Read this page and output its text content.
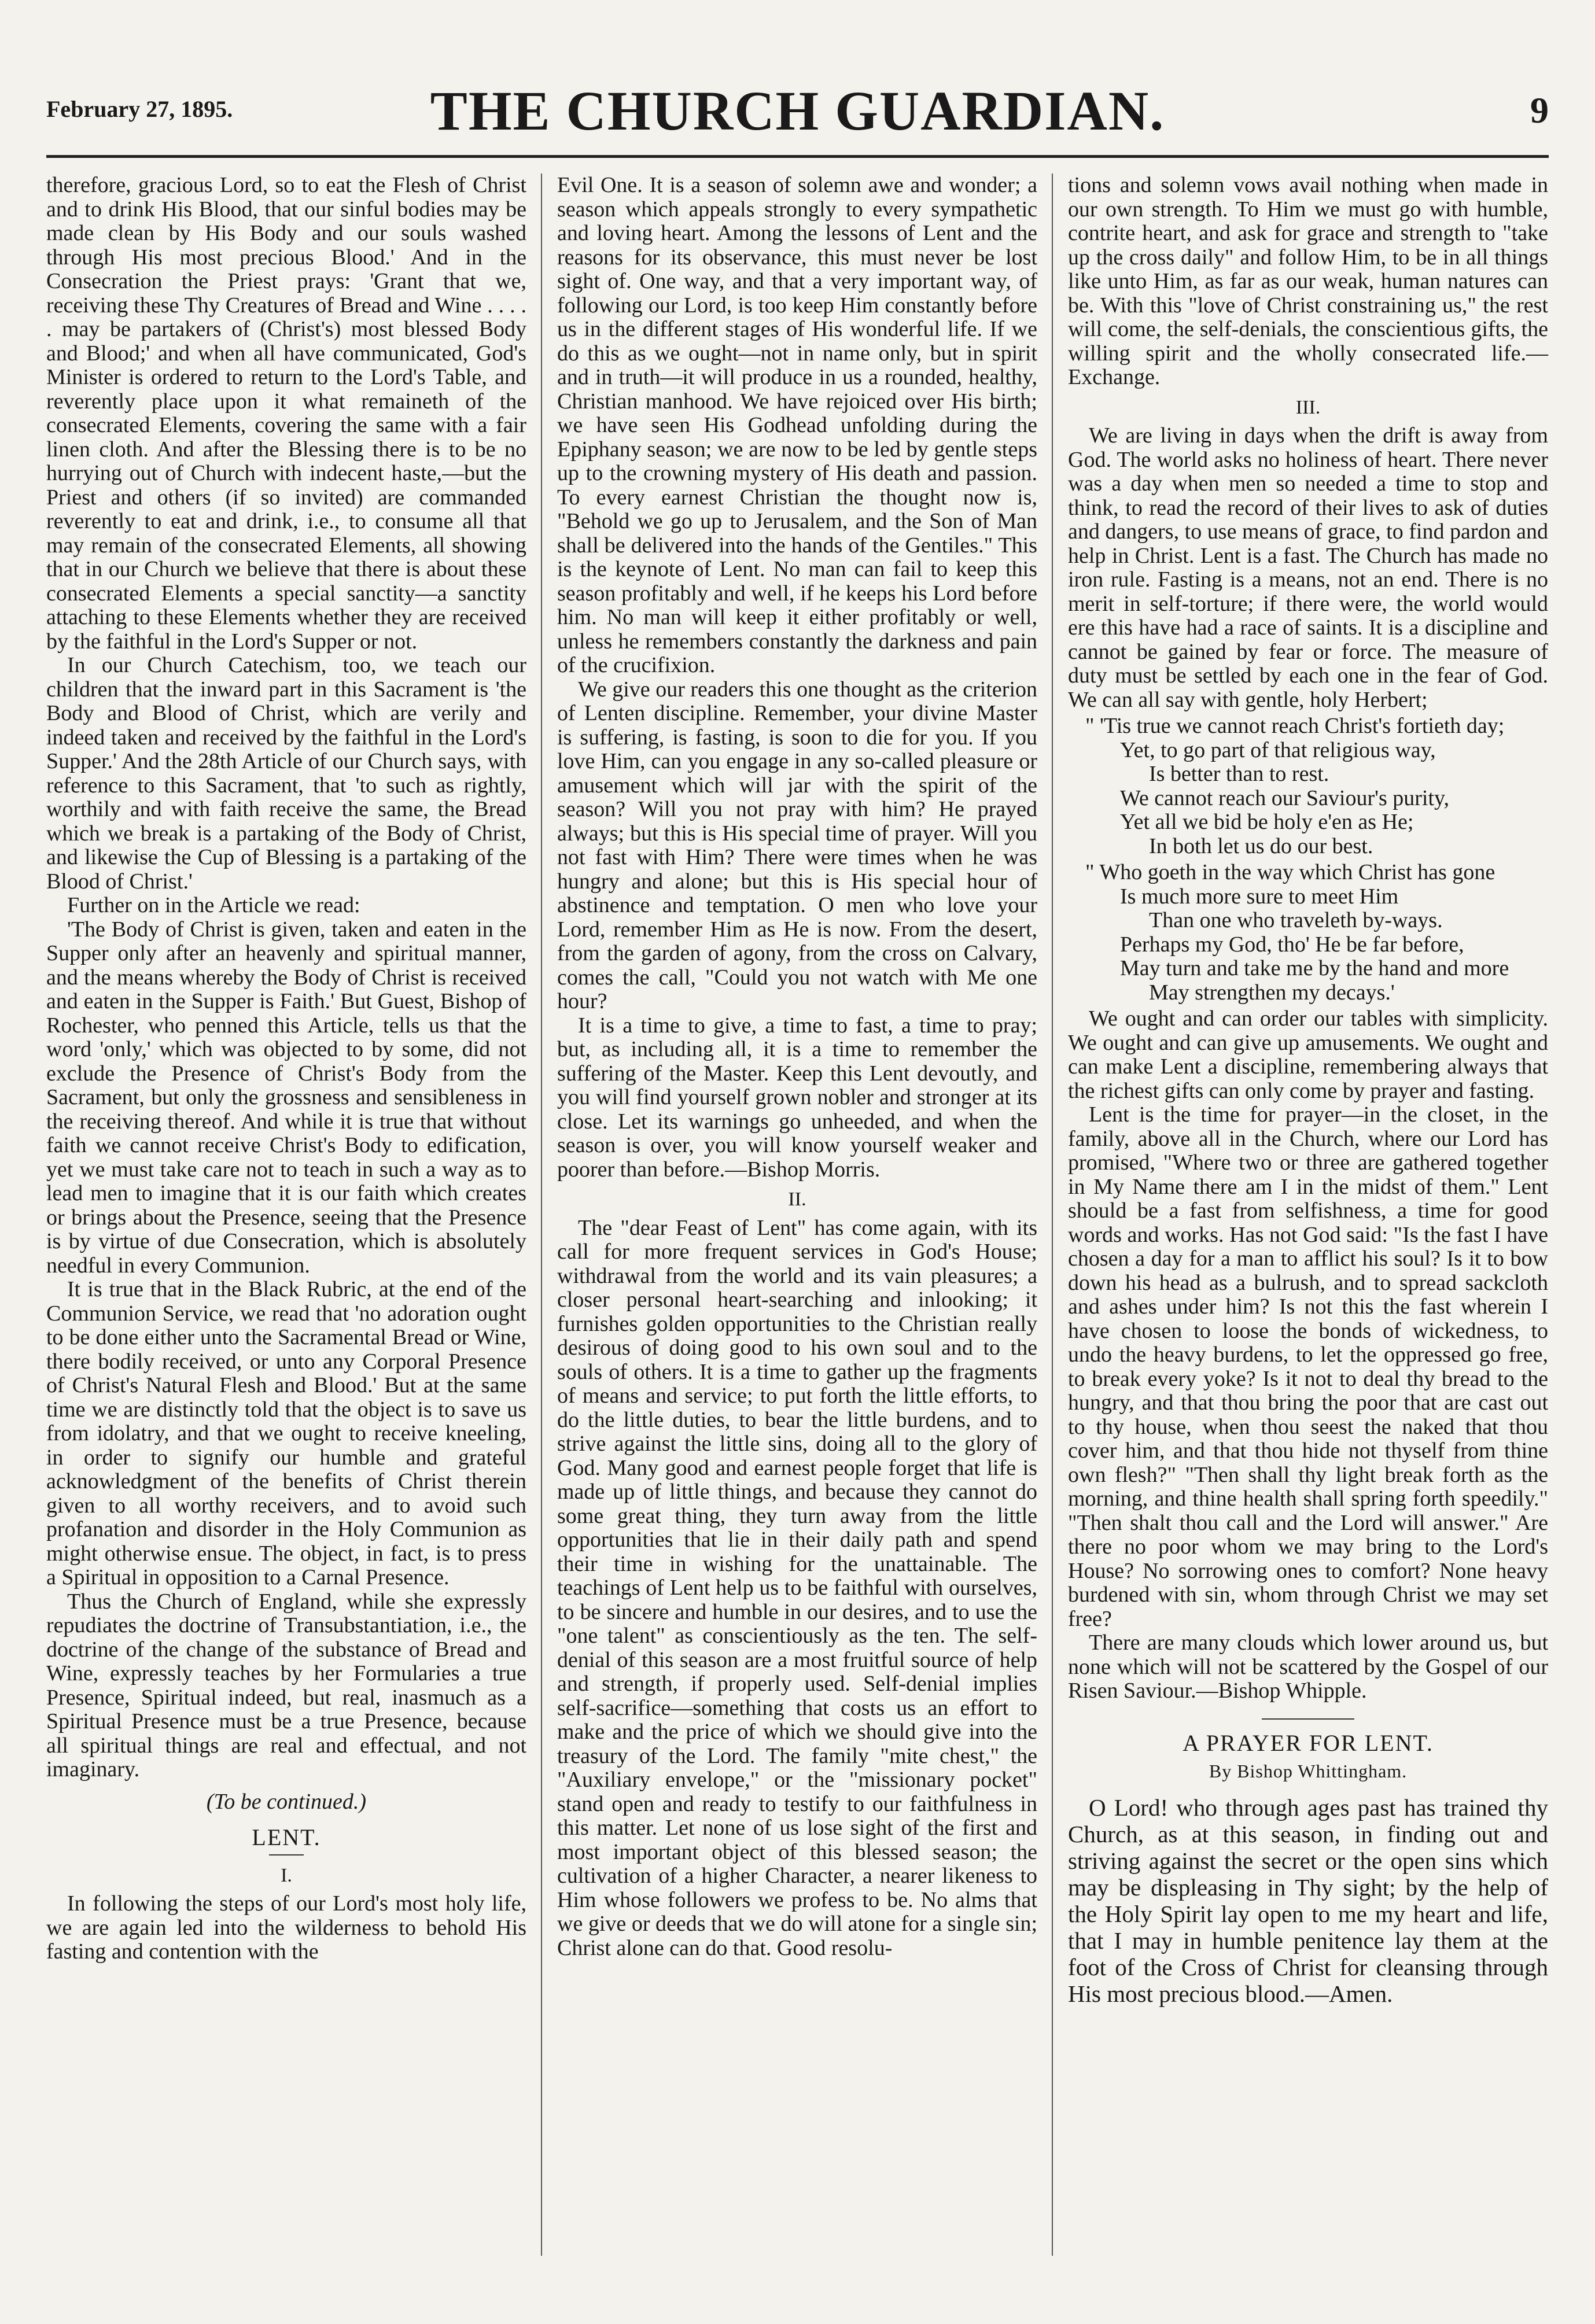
February 27, 1895.	THE CHURCH GUARDIAN.	9

therefore, gracious Lord, so to eat the Flesh of Christ and to drink His Blood, that our sinful bodies may be made clean by His Body and our souls washed through His most precious Blood.' And in the Consecration the Priest prays: 'Grant that we, receiving these Thy Creatures of Bread and Wine . . . . . may be partakers of (Christ's) most blessed Body and Blood;' and when all have communicated, God's Minister is ordered to return to the Lord's Table, and reverently place upon it what remaineth of the consecrated Elements, covering the same with a fair linen cloth. And after the Blessing there is to be no hurrying out of Church with indecent haste,—but the Priest and others (if so invited) are commanded reverently to eat and drink, i.e., to consume all that may remain of the consecrated Elements, all showing that in our Church we believe that there is about these consecrated Elements a special sanctity—a sanctity attaching to these Elements whether they are received by the faithful in the Lord's Supper or not.

In our Church Catechism, too, we teach our children that the inward part in this Sacrament is 'the Body and Blood of Christ, which are verily and indeed taken and received by the faithful in the Lord's Supper.' And the 28th Article of our Church says, with reference to this Sacrament, that 'to such as rightly, worthily and with faith receive the same, the Bread which we break is a partaking of the Body of Christ, and likewise the Cup of Blessing is a partaking of the Blood of Christ.'

Further on in the Article we read:

'The Body of Christ is given, taken and eaten in the Supper only after an heavenly and spiritual manner, and the means whereby the Body of Christ is received and eaten in the Supper is Faith.' But Guest, Bishop of Rochester, who penned this Article, tells us that the word 'only,' which was objected to by some, did not exclude the Presence of Christ's Body from the Sacrament, but only the grossness and sensibleness in the receiving thereof. And while it is true that without faith we cannot receive Christ's Body to edification, yet we must take care not to teach in such a way as to lead men to imagine that it is our faith which creates or brings about the Presence, seeing that the Presence is by virtue of due Consecration, which is absolutely needful in every Communion.

It is true that in the Black Rubric, at the end of the Communion Service, we read that 'no adoration ought to be done either unto the Sacramental Bread or Wine, there bodily received, or unto any Corporal Presence of Christ's Natural Flesh and Blood.' But at the same time we are distinctly told that the object is to save us from idolatry, and that we ought to receive kneeling, in order to signify our humble and grateful acknowledgment of the benefits of Christ therein given to all worthy receivers, and to avoid such profanation and disorder in the Holy Communion as might otherwise ensue. The object, in fact, is to press a Spiritual in opposition to a Carnal Presence.

Thus the Church of England, while she expressly repudiates the doctrine of Transubstantiation, i.e., the doctrine of the change of the substance of Bread and Wine, expressly teaches by her Formularies a true Presence, Spiritual indeed, but real, inasmuch as a Spiritual Presence must be a true Presence, because all spiritual things are real and effectual, and not imaginary.

(To be continued.)
LENT.
I.

In following the steps of our Lord's most holy life, we are again led into the wilderness to behold His fasting and contention with the

Evil One. It is a season of solemn awe and wonder; a season which appeals strongly to every sympathetic and loving heart. Among the lessons of Lent and the reasons for its observance, this must never be lost sight of. One way, and that a very important way, of following our Lord, is too keep Him constantly before us in the different stages of His wonderful life. If we do this as we ought—not in name only, but in spirit and in truth—it will produce in us a rounded, healthy, Christian manhood. We have rejoiced over His birth; we have seen His Godhead unfolding during the Epiphany season; we are now to be led by gentle steps up to the crowning mystery of His death and passion. To every earnest Christian the thought now is, "Behold we go up to Jerusalem, and the Son of Man shall be delivered into the hands of the Gentiles." This is the keynote of Lent. No man can fail to keep this season profitably and well, if he keeps his Lord before him. No man will keep it either profitably or well, unless he remembers constantly the darkness and pain of the crucifixion.

We give our readers this one thought as the criterion of Lenten discipline. Remember, your divine Master is suffering, is fasting, is soon to die for you. If you love Him, can you engage in any so-called pleasure or amusement which will jar with the spirit of the season? Will you not pray with him? He prayed always; but this is His special time of prayer. Will you not fast with Him? There were times when he was hungry and alone; but this is His special hour of abstinence and temptation. O men who love your Lord, remember Him as He is now. From the desert, from the garden of agony, from the cross on Calvary, comes the call, "Could you not watch with Me one hour?

It is a time to give, a time to fast, a time to pray; but, as including all, it is a time to remember the suffering of the Master. Keep this Lent devoutly, and you will find yourself grown nobler and stronger at its close. Let its warnings go unheeded, and when the season is over, you will know yourself weaker and poorer than before.—Bishop Morris.

II.

The "dear Feast of Lent" has come again, with its call for more frequent services in God's House; withdrawal from the world and its vain pleasures; a closer personal heart-searching and inlooking; it furnishes golden opportunities to the Christian really desirous of doing good to his own soul and to the souls of others. It is a time to gather up the fragments of means and service; to put forth the little efforts, to do the little duties, to bear the little burdens, and to strive against the little sins, doing all to the glory of God. Many good and earnest people forget that life is made up of little things, and because they cannot do some great thing, they turn away from the little opportunities that lie in their daily path and spend their time in wishing for the unattainable. The teachings of Lent help us to be faithful with ourselves, to be sincere and humble in our desires, and to use the "one talent" as conscientiously as the ten. The self-denial of this season are a most fruitful source of help and strength, if properly used. Self-denial implies self-sacrifice—something that costs us an effort to make and the price of which we should give into the treasury of the Lord. The family "mite chest," the "Auxiliary envelope," or the "missionary pocket" stand open and ready to testify to our faithfulness in this matter. Let none of us lose sight of the first and most important object of this blessed season; the cultivation of a higher Character, a nearer likeness to Him whose followers we profess to be. No alms that we give or deeds that we do will atone for a single sin; Christ alone can do that. Good resolu-

tions and solemn vows avail nothing when made in our own strength. To Him we must go with humble, contrite heart, and ask for grace and strength to "take up the cross daily" and follow Him, to be in all things like unto Him, as far as our weak, human natures can be. With this "love of Christ constraining us," the rest will come, the self-denials, the conscientious gifts, the willing spirit and the wholly consecrated life.—Exchange.

III.

We are living in days when the drift is away from God. The world asks no holiness of heart. There never was a day when men so needed a time to stop and think, to read the record of their lives to ask of duties and dangers, to use means of grace, to find pardon and help in Christ. Lent is a fast. The Church has made no iron rule. Fasting is a means, not an end. There is no merit in self-torture; if there were, the world would ere this have had a race of saints. It is a discipline and cannot be gained by fear or force. The measure of duty must be settled by each one in the fear of God. We can all say with gentle, holy Herbert;

" 'Tis true we cannot reach Christ's fortieth day;
Yet, to go part of that religious way,
Is better than to rest.
We cannot reach our Saviour's purity,
Yet all we bid be holy e'en as He;
In both let us do our best.
" Who goeth in the way which Christ has gone
Is much more sure to meet Him
Than one who traveleth by-ways.
Perhaps my God, tho' He be far before,
May turn and take me by the hand and more
May strengthen my decays.'

We ought and can order our tables with simplicity. We ought and can give up amusements. We ought and can make Lent a discipline, remembering always that the richest gifts can only come by prayer and fasting.

Lent is the time for prayer—in the closet, in the family, above all in the Church, where our Lord has promised, "Where two or three are gathered together in My Name there am I in the midst of them." Lent should be a fast from selfishness, a time for good words and works. Has not God said: "Is the fast I have chosen a day for a man to afflict his soul? Is it to bow down his head as a bulrush, and to spread sackcloth and ashes under him? Is not this the fast wherein I have chosen to loose the bonds of wickedness, to undo the heavy burdens, to let the oppressed go free, to break every yoke? Is it not to deal thy bread to the hungry, and that thou bring the poor that are cast out to thy house, when thou seest the naked that thou cover him, and that thou hide not thyself from thine own flesh?" "Then shall thy light break forth as the morning, and thine health shall spring forth speedily." "Then shalt thou call and the Lord will answer." Are there no poor whom we may bring to the Lord's House? No sorrowing ones to comfort? None heavy burdened with sin, whom through Christ we may set free?

There are many clouds which lower around us, but none which will not be scattered by the Gospel of our Risen Saviour.—Bishop Whipple.

A PRAYER FOR LENT.
By Bishop Whittingham.

O Lord! who through ages past has trained thy Church, as at this season, in finding out and striving against the secret or the open sins which may be displeasing in Thy sight; by the help of the Holy Spirit lay open to me my heart and life, that I may in humble penitence lay them at the foot of the Cross of Christ for cleansing through His most precious blood.—Amen.
